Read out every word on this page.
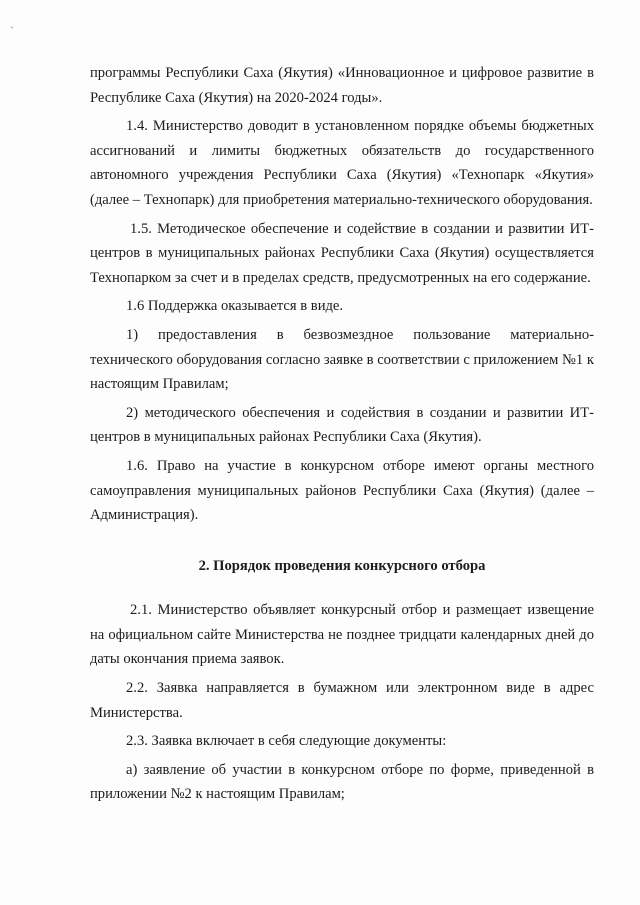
ˎ

программы Республики Саха (Якутия) «Инновационное и цифровое развитие в Республике Саха (Якутия) на 2020-2024 годы».

1.4. Министерство доводит в установленном порядке объемы бюджетных ассигнований и лимиты бюджетных обязательств до государственного автономного учреждения Республики Саха (Якутия) «Технопарк «Якутия» (далее – Технопарк) для приобретения материально-технического оборудования.

1.5. Методическое обеспечение и содействие в создании и развитии ИТ-центров в муниципальных районах Республики Саха (Якутия) осуществляется Технопарком за счет и в пределах средств, предусмотренных на его содержание.

1.6 Поддержка оказывается в виде.

1) предоставления в безвозмездное пользование материально-технического оборудования согласно заявке в соответствии с приложением №1 к настоящим Правилам;

2) методического обеспечения и содействия в создании и развитии ИТ-центров в муниципальных районах Республики Саха (Якутия).

1.6. Право на участие в конкурсном отборе имеют органы местного самоуправления муниципальных районов Республики Саха (Якутия) (далее – Администрация).

2. Порядок проведения конкурсного отбора

2.1. Министерство объявляет конкурсный отбор и размещает извещение на официальном сайте Министерства не позднее тридцати календарных дней до даты окончания приема заявок.

2.2. Заявка направляется в бумажном или электронном виде в адрес Министерства.

2.3. Заявка включает в себя следующие документы:

а) заявление об участии в конкурсном отборе по форме, приведенной в приложении №2 к настоящим Правилам;
